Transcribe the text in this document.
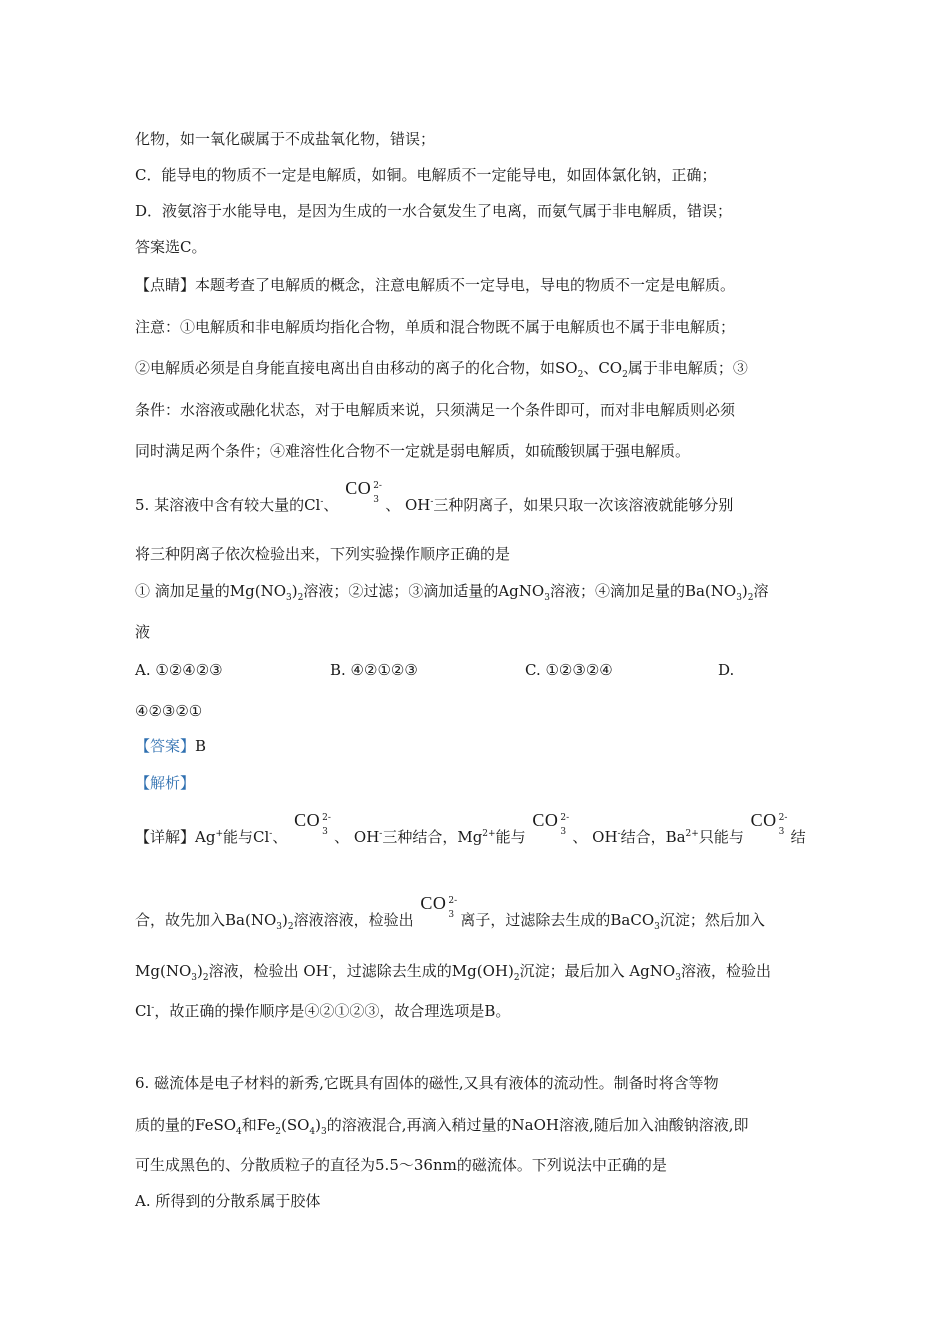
化物，如一氧化碳属于不成盐氧化物，错误；
C．能导电的物质不一定是电解质，如铜。电解质不一定能导电，如固体氯化钠，正确；
D．液氨溶于水能导电，是因为生成的一水合氨发生了电离，而氨气属于非电解质，错误；
答案选C。
【点睛】本题考查了电解质的概念，注意电解质不一定导电，导电的物质不一定是电解质。
注意：①电解质和非电解质均指化合物，单质和混合物既不属于电解质也不属于非电解质；
②电解质必须是自身能直接电离出自由移动的离子的化合物，如$SO_2$、$CO_2$属于非电解质；③
条件：水溶液或融化状态，对于电解质来说，只须满足一个条件即可，而对非电解质则必须
同时满足两个条件；④难溶性化合物不一定就是弱电解质，如硫酸钡属于强电解质。
5. 某溶液中含有较大量的Cl-、
CO 2-
3 、 OH-三种阴离子，如果只取一次该溶液就能够分别
将三种阴离子依次检验出来，下列实验操作顺序正确的是
① 滴加足量的$Mg(NO_3)_2$溶液；②过滤；③滴加适量的AgNO$_3$溶液；④滴加足量的$Ba(NO_3)_2$溶
液
A. ①②④②③	B. ④②①②③	C. ①②③②④	D.
④②③②①
【答案】B
【解析】
【详解】Ag+能与Cl-、
CO 2-
3 、 OH-三种结合，$Mg^{2+}$能与
CO 2-
3 、 OH-结合，$Ba^{2+}$只能与
CO 2-
3 结
合，故先加入$Ba(NO_3)_2$溶液溶液，检验出
CO 2-
3 离子，过滤除去生成的BaCO$_3$沉淀；然后加入
$Mg(NO_3)_2$溶液，检验出 OH-，过滤除去生成的$Mg(OH)_2$沉淀；最后加入 AgNO$_3$溶液，检验出
Cl-，故正确的操作顺序是④②①②③，故合理选项是B。
6. 磁流体是电子材料的新秀,它既具有固体的磁性,又具有液体的流动性。制备时将含等物
质的量的FeSO$_4$和$Fe_2(SO_4)_3$的溶液混合,再滴入稍过量的NaOH溶液,随后加入油酸钠溶液,即
可生成黑色的、分散质粒子的直径为5.5～36nm的磁流体。下列说法中正确的是
A. 所得到的分散系属于胶体
